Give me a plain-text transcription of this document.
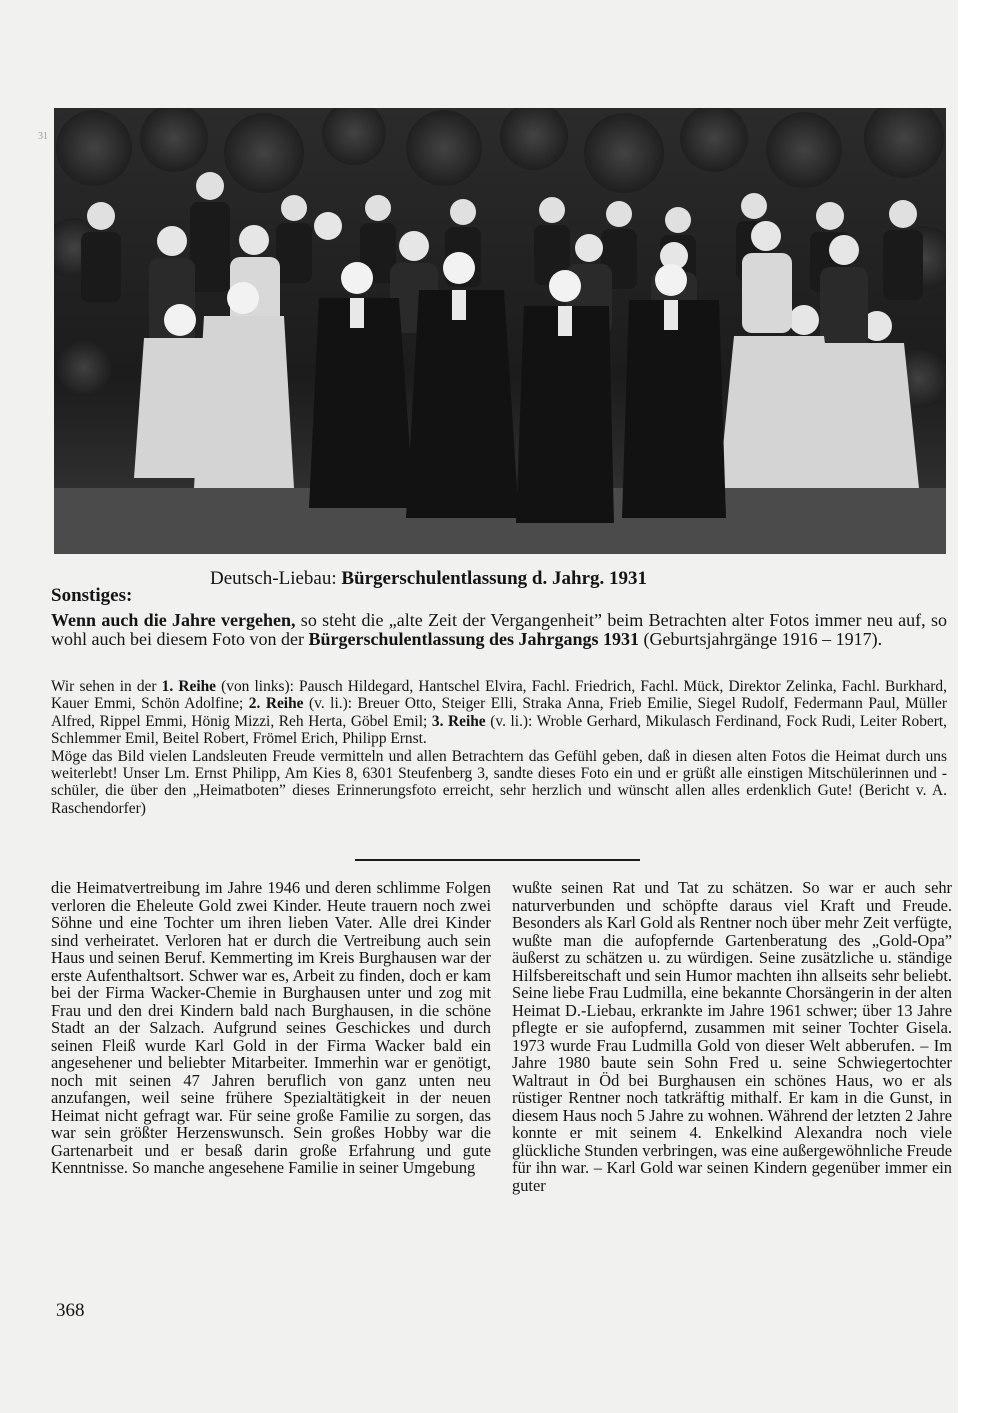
31
Deutsch-Liebau: Bürgerschulentlassung d. Jahrg. 1931
Sonstiges:
Wenn auch die Jahre vergehen, so steht die „alte Zeit der Vergangenheit” beim Betrachten alter Fotos immer neu auf, so wohl auch bei diesem Foto von der Bürgerschulentlassung des Jahrgangs 1931 (Geburtsjahrgänge 1916 – 1917).

Wir sehen in der 1. Reihe (von links): Pausch Hildegard, Hantschel Elvira, Fachl. Friedrich, Fachl. Mück, Direktor Zelinka, Fachl. Burkhard, Kauer Emmi, Schön Adolfine; 2. Reihe (v. li.): Breuer Otto, Steiger Elli, Straka Anna, Frieb Emilie, Siegel Rudolf, Federmann Paul, Müller Alfred, Rippel Emmi, Hönig Mizzi, Reh Herta, Göbel Emil; 3. Reihe (v. li.): Wroble Gerhard, Mikulasch Ferdinand, Fock Rudi, Leiter Robert, Schlemmer Emil, Beitel Robert, Frömel Erich, Philipp Ernst.

Möge das Bild vielen Landsleuten Freude vermitteln und allen Betrachtern das Gefühl geben, daß in diesen alten Fotos die Heimat durch uns weiterlebt! Unser Lm. Ernst Philipp, Am Kies 8, 6301 Steufenberg 3, sandte dieses Foto ein und er grüßt alle einstigen Mitschülerinnen und -schüler, die über den „Heimatboten” dieses Erinnerungsfoto erreicht, sehr herzlich und wünscht allen alles erdenklich Gute! (Bericht v. A. Raschendorfer)

die Heimatvertreibung im Jahre 1946 und deren schlimme Folgen verloren die Eheleute Gold zwei Kinder. Heute trauern noch zwei Söhne und eine Tochter um ihren lieben Vater. Alle drei Kinder sind verheiratet. Verloren hat er durch die Vertreibung auch sein Haus und seinen Beruf. Kemmerting im Kreis Burghausen war der erste Aufenthaltsort. Schwer war es, Arbeit zu finden, doch er kam bei der Firma Wacker-Chemie in Burghausen unter und zog mit Frau und den drei Kindern bald nach Burghausen, in die schöne Stadt an der Salzach. Aufgrund seines Geschickes und durch seinen Fleiß wurde Karl Gold in der Firma Wacker bald ein angesehener und beliebter Mitarbeiter. Immerhin war er genötigt, noch mit seinen 47 Jahren beruflich von ganz unten neu anzufangen, weil seine frühere Spezialtätigkeit in der neuen Heimat nicht gefragt war. Für seine große Familie zu sorgen, das war sein größter Herzenswunsch. Sein großes Hobby war die Gartenarbeit und er besaß darin große Erfahrung und gute Kenntnisse. So manche angesehene Familie in seiner Umgebung

wußte seinen Rat und Tat zu schätzen. So war er auch sehr naturverbunden und schöpfte daraus viel Kraft und Freude. Besonders als Karl Gold als Rentner noch über mehr Zeit verfügte, wußte man die aufopfernde Gartenberatung des „Gold-Opa” äußerst zu schätzen u. zu würdigen. Seine zusätzliche u. ständige Hilfsbereitschaft und sein Humor machten ihn allseits sehr beliebt. Seine liebe Frau Ludmilla, eine bekannte Chorsängerin in der alten Heimat D.-Liebau, erkrankte im Jahre 1961 schwer; über 13 Jahre pflegte er sie aufopfernd, zusammen mit seiner Tochter Gisela. 1973 wurde Frau Ludmilla Gold von dieser Welt abberufen. – Im Jahre 1980 baute sein Sohn Fred u. seine Schwiegertochter Waltraut in Öd bei Burghausen ein schönes Haus, wo er als rüstiger Rentner noch tatkräftig mithalf. Er kam in die Gunst, in diesem Haus noch 5 Jahre zu wohnen. Während der letzten 2 Jahre konnte er mit seinem 4. Enkelkind Alexandra noch viele glückliche Stunden verbringen, was eine außergewöhnliche Freude für ihn war. – Karl Gold war seinen Kindern gegenüber immer ein guter

368
